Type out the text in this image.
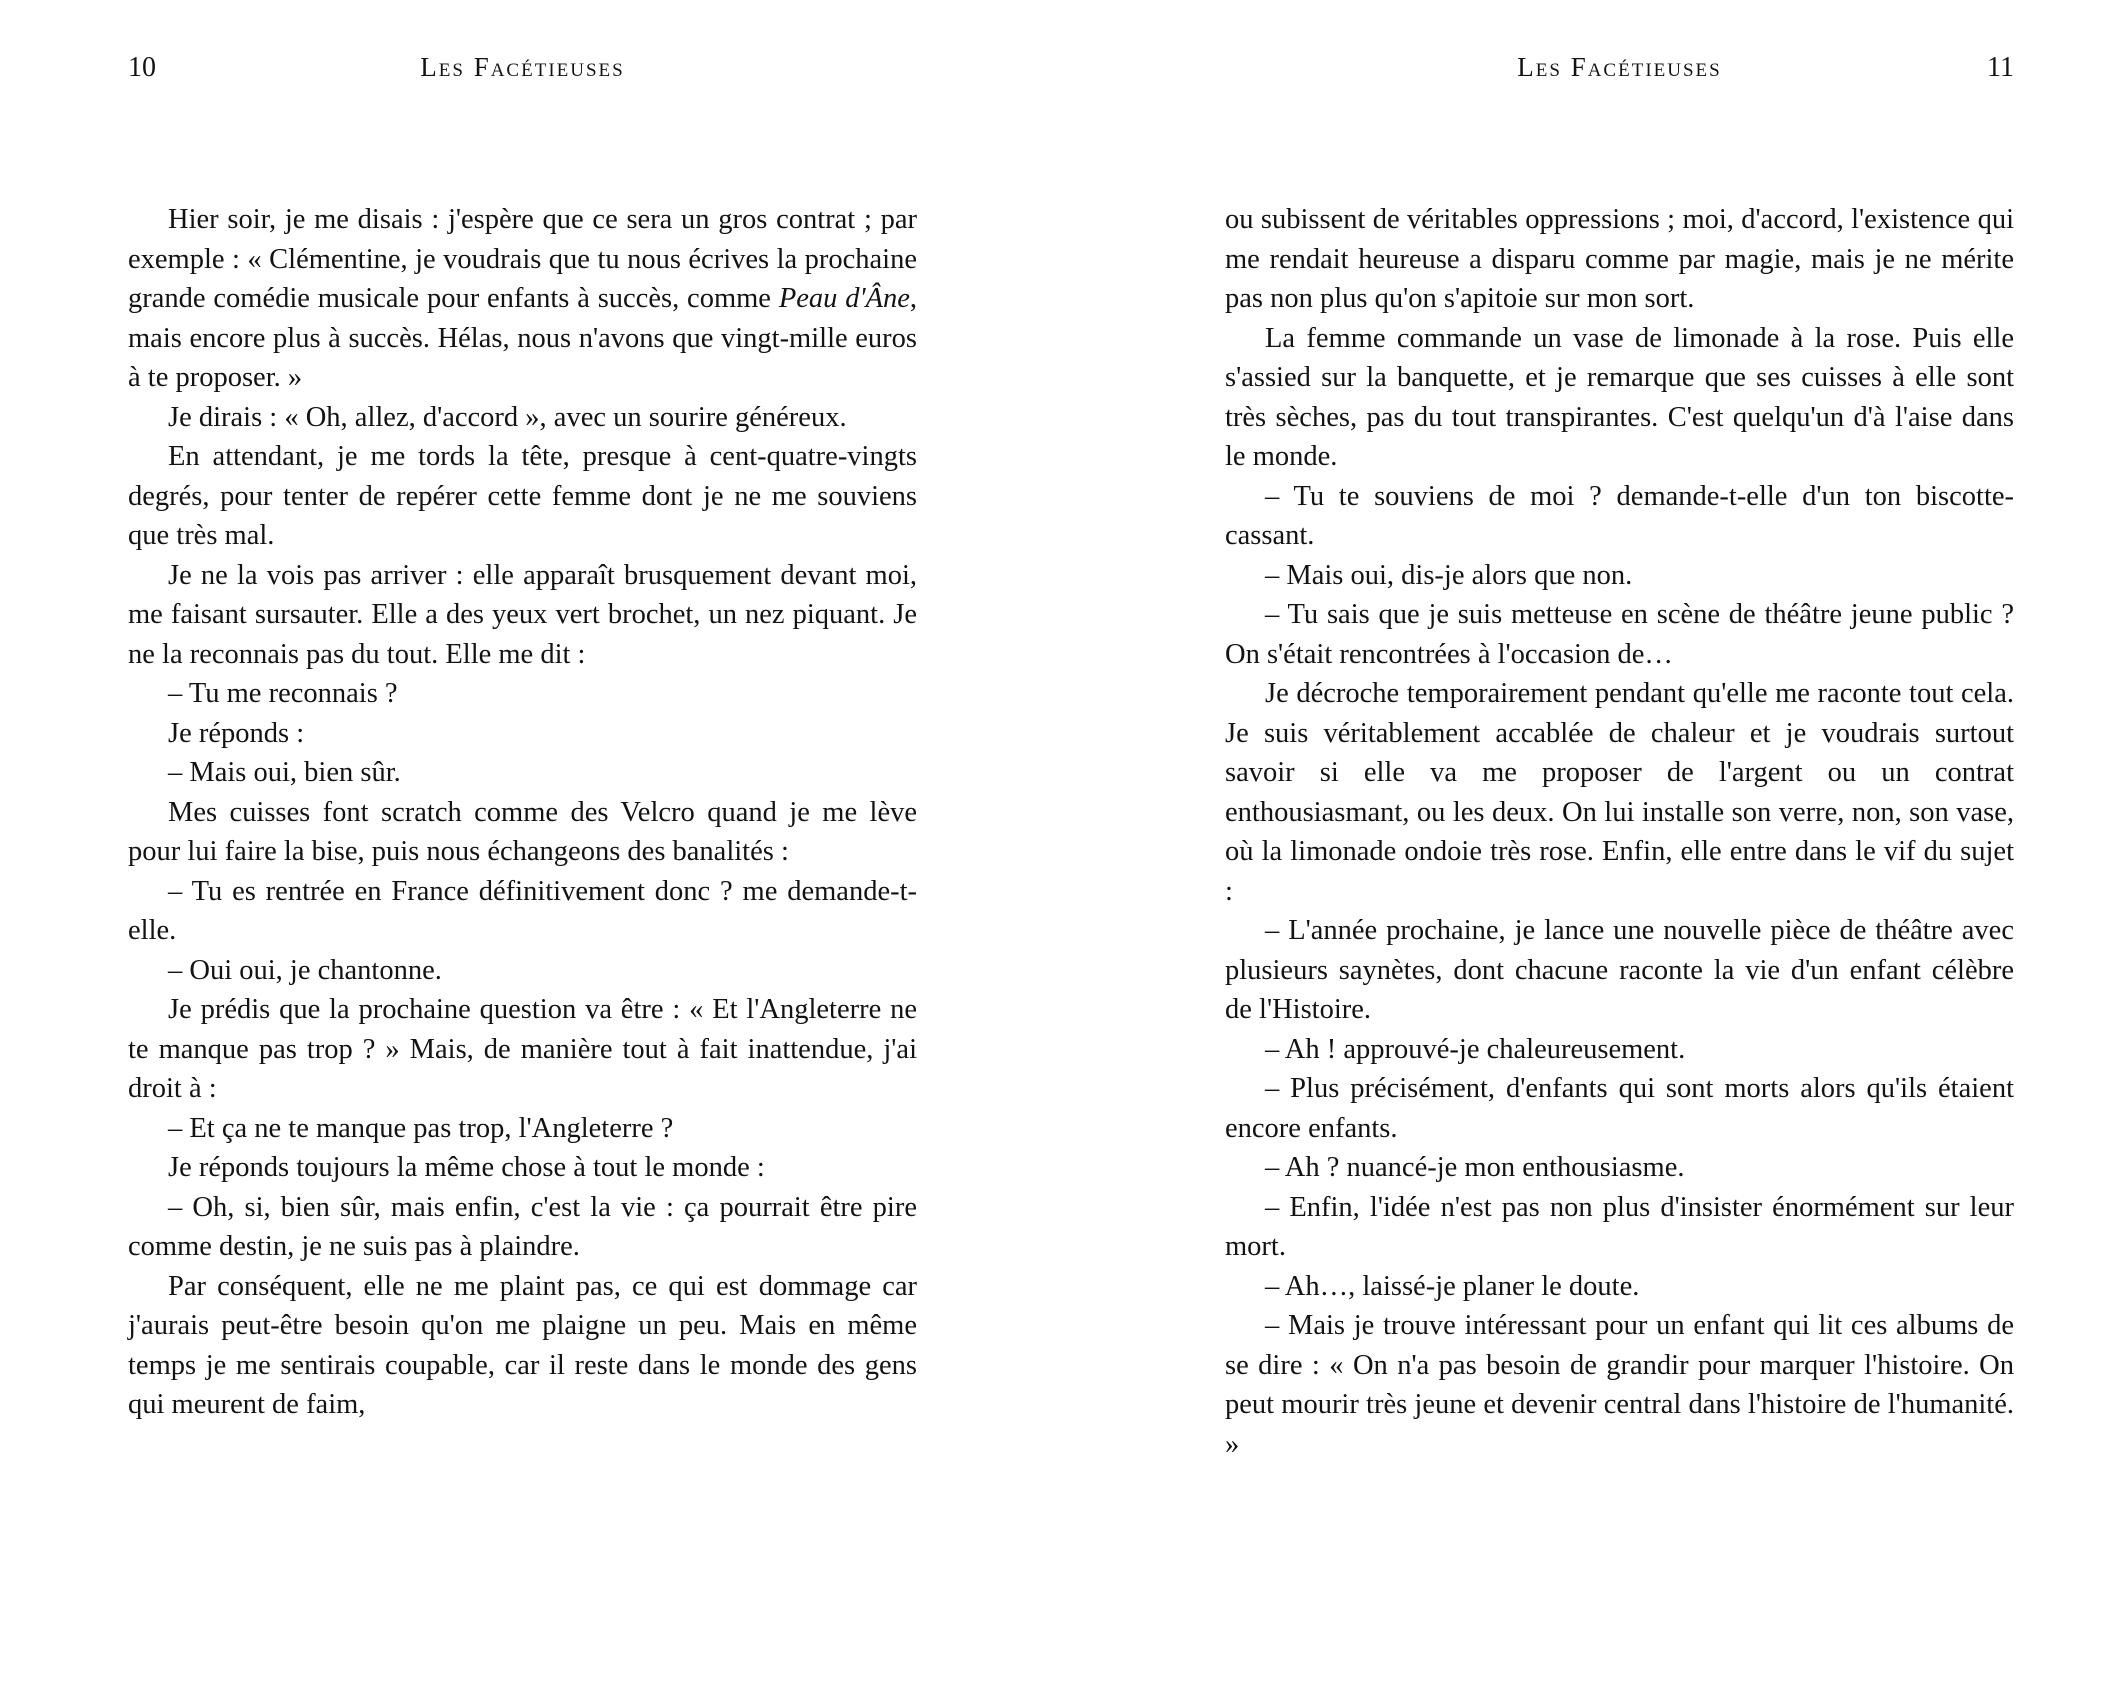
10	Les Facétieuses

Hier soir, je me disais : j'espère que ce sera un gros contrat ; par exemple : « Clémentine, je voudrais que tu nous écrives la prochaine grande comédie musicale pour enfants à succès, comme Peau d'Âne, mais encore plus à succès. Hélas, nous n'avons que vingt-mille euros à te proposer. »

Je dirais : « Oh, allez, d'accord », avec un sourire généreux.

En attendant, je me tords la tête, presque à cent-quatre-vingts degrés, pour tenter de repérer cette femme dont je ne me souviens que très mal.

Je ne la vois pas arriver : elle apparaît brusquement devant moi, me faisant sursauter. Elle a des yeux vert brochet, un nez piquant. Je ne la reconnais pas du tout. Elle me dit :

– Tu me reconnais ?

Je réponds :

– Mais oui, bien sûr.

Mes cuisses font scratch comme des Velcro quand je me lève pour lui faire la bise, puis nous échangeons des banalités :

– Tu es rentrée en France définitivement donc ? me demande-t-elle.

– Oui oui, je chantonne.

Je prédis que la prochaine question va être : « Et l'Angleterre ne te manque pas trop ? » Mais, de manière tout à fait inattendue, j'ai droit à :

– Et ça ne te manque pas trop, l'Angleterre ?

Je réponds toujours la même chose à tout le monde :

– Oh, si, bien sûr, mais enfin, c'est la vie : ça pourrait être pire comme destin, je ne suis pas à plaindre.

Par conséquent, elle ne me plaint pas, ce qui est dommage car j'aurais peut-être besoin qu'on me plaigne un peu. Mais en même temps je me sentirais coupable, car il reste dans le monde des gens qui meurent de faim,

Les Facétieuses	11

ou subissent de véritables oppressions ; moi, d'accord, l'existence qui me rendait heureuse a disparu comme par magie, mais je ne mérite pas non plus qu'on s'apitoie sur mon sort.

La femme commande un vase de limonade à la rose. Puis elle s'assied sur la banquette, et je remarque que ses cuisses à elle sont très sèches, pas du tout transpirantes. C'est quelqu'un d'à l'aise dans le monde.

– Tu te souviens de moi ? demande-t-elle d'un ton biscotte-cassant.

– Mais oui, dis-je alors que non.

– Tu sais que je suis metteuse en scène de théâtre jeune public ? On s'était rencontrées à l'occasion de…

Je décroche temporairement pendant qu'elle me raconte tout cela. Je suis véritablement accablée de chaleur et je voudrais surtout savoir si elle va me proposer de l'argent ou un contrat enthousiasmant, ou les deux. On lui installe son verre, non, son vase, où la limonade ondoie très rose. Enfin, elle entre dans le vif du sujet :

– L'année prochaine, je lance une nouvelle pièce de théâtre avec plusieurs saynètes, dont chacune raconte la vie d'un enfant célèbre de l'Histoire.

– Ah ! approuvé-je chaleureusement.

– Plus précisément, d'enfants qui sont morts alors qu'ils étaient encore enfants.

– Ah ? nuancé-je mon enthousiasme.

– Enfin, l'idée n'est pas non plus d'insister énormément sur leur mort.

– Ah…, laissé-je planer le doute.

– Mais je trouve intéressant pour un enfant qui lit ces albums de se dire : « On n'a pas besoin de grandir pour marquer l'histoire. On peut mourir très jeune et devenir central dans l'histoire de l'humanité. »
